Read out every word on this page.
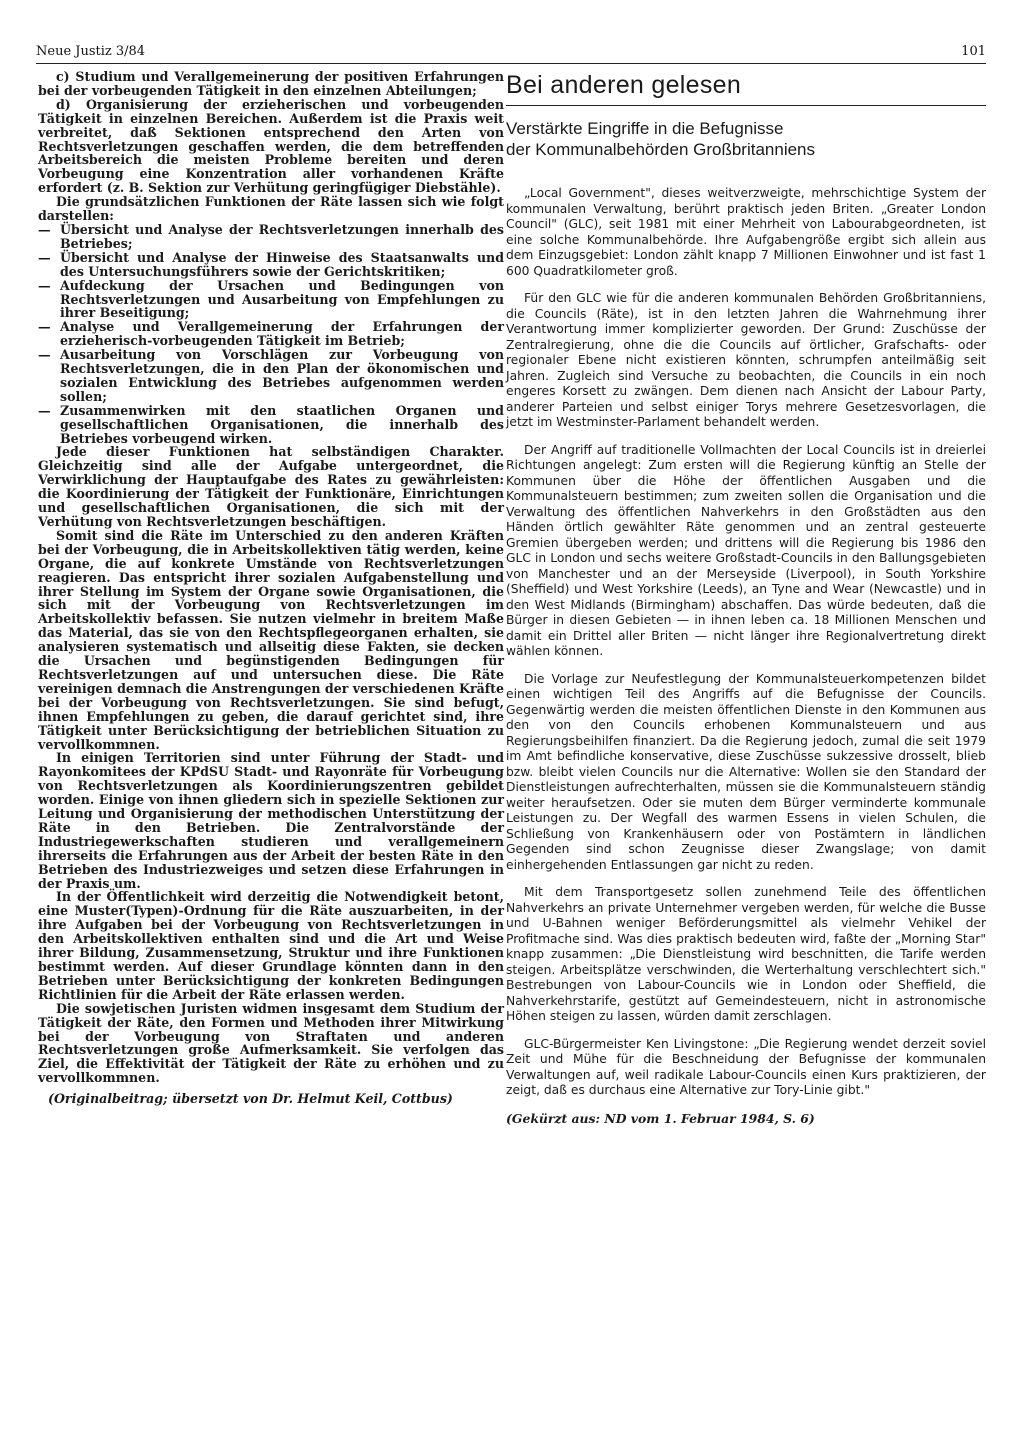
Neue Justiz 3/84	101

c) Studium und Verallgemeinerung der positiven Erfahrungen bei der vorbeugenden Tätigkeit in den einzelnen Abteilungen;

d) Organisierung der erzieherischen und vorbeugenden Tätigkeit in einzelnen Bereichen. Außerdem ist die Praxis weit verbreitet, daß Sektionen entsprechend den Arten von Rechtsverletzungen geschaffen werden, die dem betreffenden Arbeitsbereich die meisten Probleme bereiten und deren Vorbeugung eine Konzentration aller vorhandenen Kräfte erfordert (z. B. Sektion zur Verhütung geringfügiger Diebstähle).

Die grundsätzlichen Funktionen der Räte lassen sich wie folgt darstellen:

— Übersicht und Analyse der Rechtsverletzungen innerhalb des Betriebes;
— Übersicht und Analyse der Hinweise des Staatsanwalts und des Untersuchungsführers sowie der Gerichtskritiken;
— Aufdeckung der Ursachen und Bedingungen von Rechtsverletzungen und Ausarbeitung von Empfehlungen zu ihrer Beseitigung;
— Analyse und Verallgemeinerung der Erfahrungen der erzieherisch-vorbeugenden Tätigkeit im Betrieb;
— Ausarbeitung von Vorschlägen zur Vorbeugung von Rechtsverletzungen, die in den Plan der ökonomischen und sozialen Entwicklung des Betriebes aufgenommen werden sollen;
— Zusammenwirken mit den staatlichen Organen und gesellschaftlichen Organisationen, die innerhalb des Betriebes vorbeugend wirken.

Jede dieser Funktionen hat selbständigen Charakter. Gleichzeitig sind alle der Aufgabe untergeordnet, die Verwirklichung der Hauptaufgabe des Rates zu gewährleisten: die Koordinierung der Tätigkeit der Funktionäre, Einrichtungen und gesellschaftlichen Organisationen, die sich mit der Verhütung von Rechtsverletzungen beschäftigen.

Somit sind die Räte im Unterschied zu den anderen Kräften bei der Vorbeugung, die in Arbeitskollektiven tätig werden, keine Organe, die auf konkrete Umstände von Rechtsverletzungen reagieren. Das entspricht ihrer sozialen Aufgabenstellung und ihrer Stellung im System der Organe sowie Organisationen, die sich mit der Vorbeugung von Rechtsverletzungen im Arbeitskollektiv befassen. Sie nutzen vielmehr in breitem Maße das Material, das sie von den Rechtspflegeorganen erhalten, sie analysieren systematisch und allseitig diese Fakten, sie decken die Ursachen und begünstigenden Bedingungen für Rechtsverletzungen auf und untersuchen diese. Die Räte vereinigen demnach die Anstrengungen der verschiedenen Kräfte bei der Vorbeugung von Rechtsverletzungen. Sie sind befugt, ihnen Empfehlungen zu geben, die darauf gerichtet sind, ihre Tätigkeit unter Berücksichtigung der betrieblichen Situation zu vervollkommnen.

In einigen Territorien sind unter Führung der Stadt- und Rayonkomitees der KPdSU Stadt- und Rayonräte für Vorbeugung von Rechtsverletzungen als Koordinierungszentren gebildet worden. Einige von ihnen gliedern sich in spezielle Sektionen zur Leitung und Organisierung der methodischen Unterstützung der Räte in den Betrieben. Die Zentralvorstände der Industriegewerkschaften studieren und verallgemeinern ihrerseits die Erfahrungen aus der Arbeit der besten Räte in den Betrieben des Industriezweiges und setzen diese Erfahrungen in der Praxis um.

In der Öffentlichkeit wird derzeitig die Notwendigkeit betont, eine Muster(Typen)-Ordnung für die Räte auszuarbeiten, in der ihre Aufgaben bei der Vorbeugung von Rechtsverletzungen in den Arbeitskollektiven enthalten sind und die Art und Weise ihrer Bildung, Zusammensetzung, Struktur und ihre Funktionen bestimmt werden. Auf dieser Grundlage könnten dann in den Betrieben unter Berücksichtigung der konkreten Bedingungen Richtlinien für die Arbeit der Räte erlassen werden.

Die sowjetischen Juristen widmen insgesamt dem Studium der Tätigkeit der Räte, den Formen und Methoden ihrer Mitwirkung bei der Vorbeugung von Straftaten und anderen Rechtsverletzungen große Aufmerksamkeit. Sie verfolgen das Ziel, die Effektivität der Tätigkeit der Räte zu erhöhen und zu vervollkommnen.

(Originalbeitrag; übersetzt von Dr. Helmut Keil, Cottbus)

Bei anderen gelesen
Verstärkte Eingriffe in die Befugnisse
der Kommunalbehörden Großbritanniens

„Local Government", dieses weitverzweigte, mehrschichtige System der kommunalen Verwaltung, berührt praktisch jeden Briten. „Greater London Council" (GLC), seit 1981 mit einer Mehrheit von Labourabgeordneten, ist eine solche Kommunalbehörde. Ihre Aufgabengröße ergibt sich allein aus dem Einzugsgebiet: London zählt knapp 7 Millionen Einwohner und ist fast 1 600 Quadratkilometer groß.

Für den GLC wie für die anderen kommunalen Behörden Großbritanniens, die Councils (Räte), ist in den letzten Jahren die Wahrnehmung ihrer Verantwortung immer komplizierter geworden. Der Grund: Zuschüsse der Zentralregierung, ohne die die Councils auf örtlicher, Grafschafts- oder regionaler Ebene nicht existieren könnten, schrumpfen anteilmäßig seit Jahren. Zugleich sind Versuche zu beobachten, die Councils in ein noch engeres Korsett zu zwängen. Dem dienen nach Ansicht der Labour Party, anderer Parteien und selbst einiger Torys mehrere Gesetzesvorlagen, die jetzt im Westminster-Parlament behandelt werden.

Der Angriff auf traditionelle Vollmachten der Local Councils ist in dreierlei Richtungen angelegt: Zum ersten will die Regierung künftig an Stelle der Kommunen über die Höhe der öffentlichen Ausgaben und die Kommunalsteuern bestimmen; zum zweiten sollen die Organisation und die Verwaltung des öffentlichen Nahverkehrs in den Großstädten aus den Händen örtlich gewählter Räte genommen und an zentral gesteuerte Gremien übergeben werden; und drittens will die Regierung bis 1986 den GLC in London und sechs weitere Großstadt-Councils in den Ballungsgebieten von Manchester und an der Merseyside (Liverpool), in South Yorkshire (Sheffield) und West Yorkshire (Leeds), an Tyne and Wear (Newcastle) und in den West Midlands (Birmingham) abschaffen. Das würde bedeuten, daß die Bürger in diesen Gebieten — in ihnen leben ca. 18 Millionen Menschen und damit ein Drittel aller Briten — nicht länger ihre Regionalvertretung direkt wählen können.

Die Vorlage zur Neufestlegung der Kommunalsteuerkompetenzen bildet einen wichtigen Teil des Angriffs auf die Befugnisse der Councils. Gegenwärtig werden die meisten öffentlichen Dienste in den Kommunen aus den von den Councils erhobenen Kommunalsteuern und aus Regierungsbeihilfen finanziert. Da die Regierung jedoch, zumal die seit 1979 im Amt befindliche konservative, diese Zuschüsse sukzessive drosselt, blieb bzw. bleibt vielen Councils nur die Alternative: Wollen sie den Standard der Dienstleistungen aufrechterhalten, müssen sie die Kommunalsteuern ständig weiter heraufsetzen. Oder sie muten dem Bürger verminderte kommunale Leistungen zu. Der Wegfall des warmen Essens in vielen Schulen, die Schließung von Krankenhäusern oder von Postämtern in ländlichen Gegenden sind schon Zeugnisse dieser Zwangslage; von damit einhergehenden Entlassungen gar nicht zu reden.

Mit dem Transportgesetz sollen zunehmend Teile des öffentlichen Nahverkehrs an private Unternehmer vergeben werden, für welche die Busse und U-Bahnen weniger Beförderungsmittel als vielmehr Vehikel der Profitmache sind. Was dies praktisch bedeuten wird, faßte der „Morning Star" knapp zusammen: „Die Dienstleistung wird beschnitten, die Tarife werden steigen. Arbeitsplätze verschwinden, die Werterhaltung verschlechtert sich." Bestrebungen von Labour-Councils wie in London oder Sheffield, die Nahverkehrstarife, gestützt auf Gemeindesteuern, nicht in astronomische Höhen steigen zu lassen, würden damit zerschlagen.

GLC-Bürgermeister Ken Livingstone: „Die Regierung wendet derzeit soviel Zeit und Mühe für die Beschneidung der Befugnisse der kommunalen Verwaltungen auf, weil radikale Labour-Councils einen Kurs praktizieren, der zeigt, daß es durchaus eine Alternative zur Tory-Linie gibt."

(Gekürzt aus: ND vom 1. Februar 1984, S. 6)
